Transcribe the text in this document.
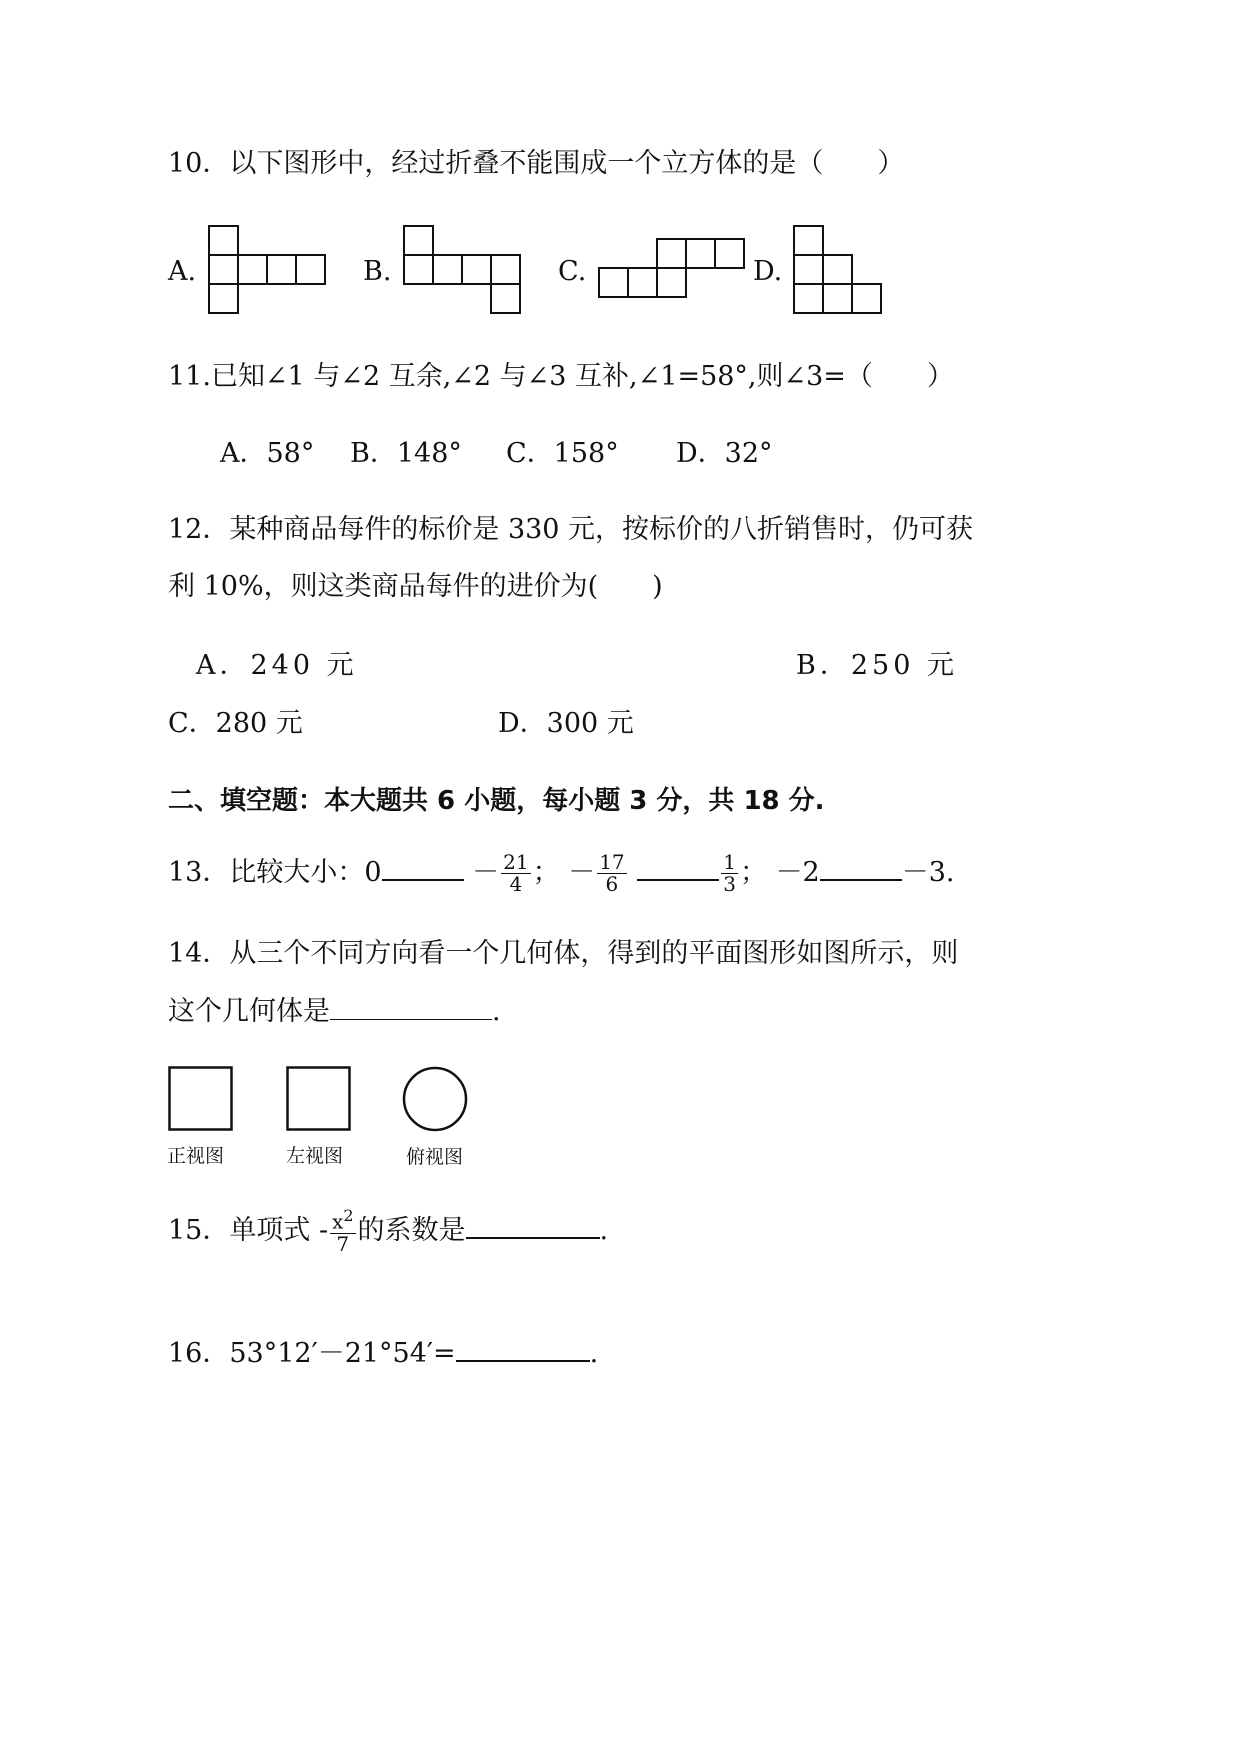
10．以下图形中，经过折叠不能围成一个立方体的是（　　）
A.	B.	C.	D.
11.已知∠1 与∠2 互余,∠2 与∠3 互补,∠1=58°,则∠3=（　　）
A．58° B．148° C．158° D．32°
12．某种商品每件的标价是 330 元，按标价的八折销售时，仍可获
利 10%，则这类商品每件的进价为(　　)
A．240 元	B．250 元
C．280 元	D．300 元
二、填空题：本大题共 6 小题，每小题 3 分，共 18 分.
13．比较大小：0	－ $\frac{21}{4}$ ； － $\frac{17}{6}$
	$\frac{1}{3}$ ； －2	－3.
14．从三个不同方向看一个几何体，得到的平面图形如图所示，则
这个几何体是	.
正视图	左视图	俯视图
15．单项式 - $\frac{x^2}{7}$ 的系数是	.
16．53°12′－21°54′=	.
